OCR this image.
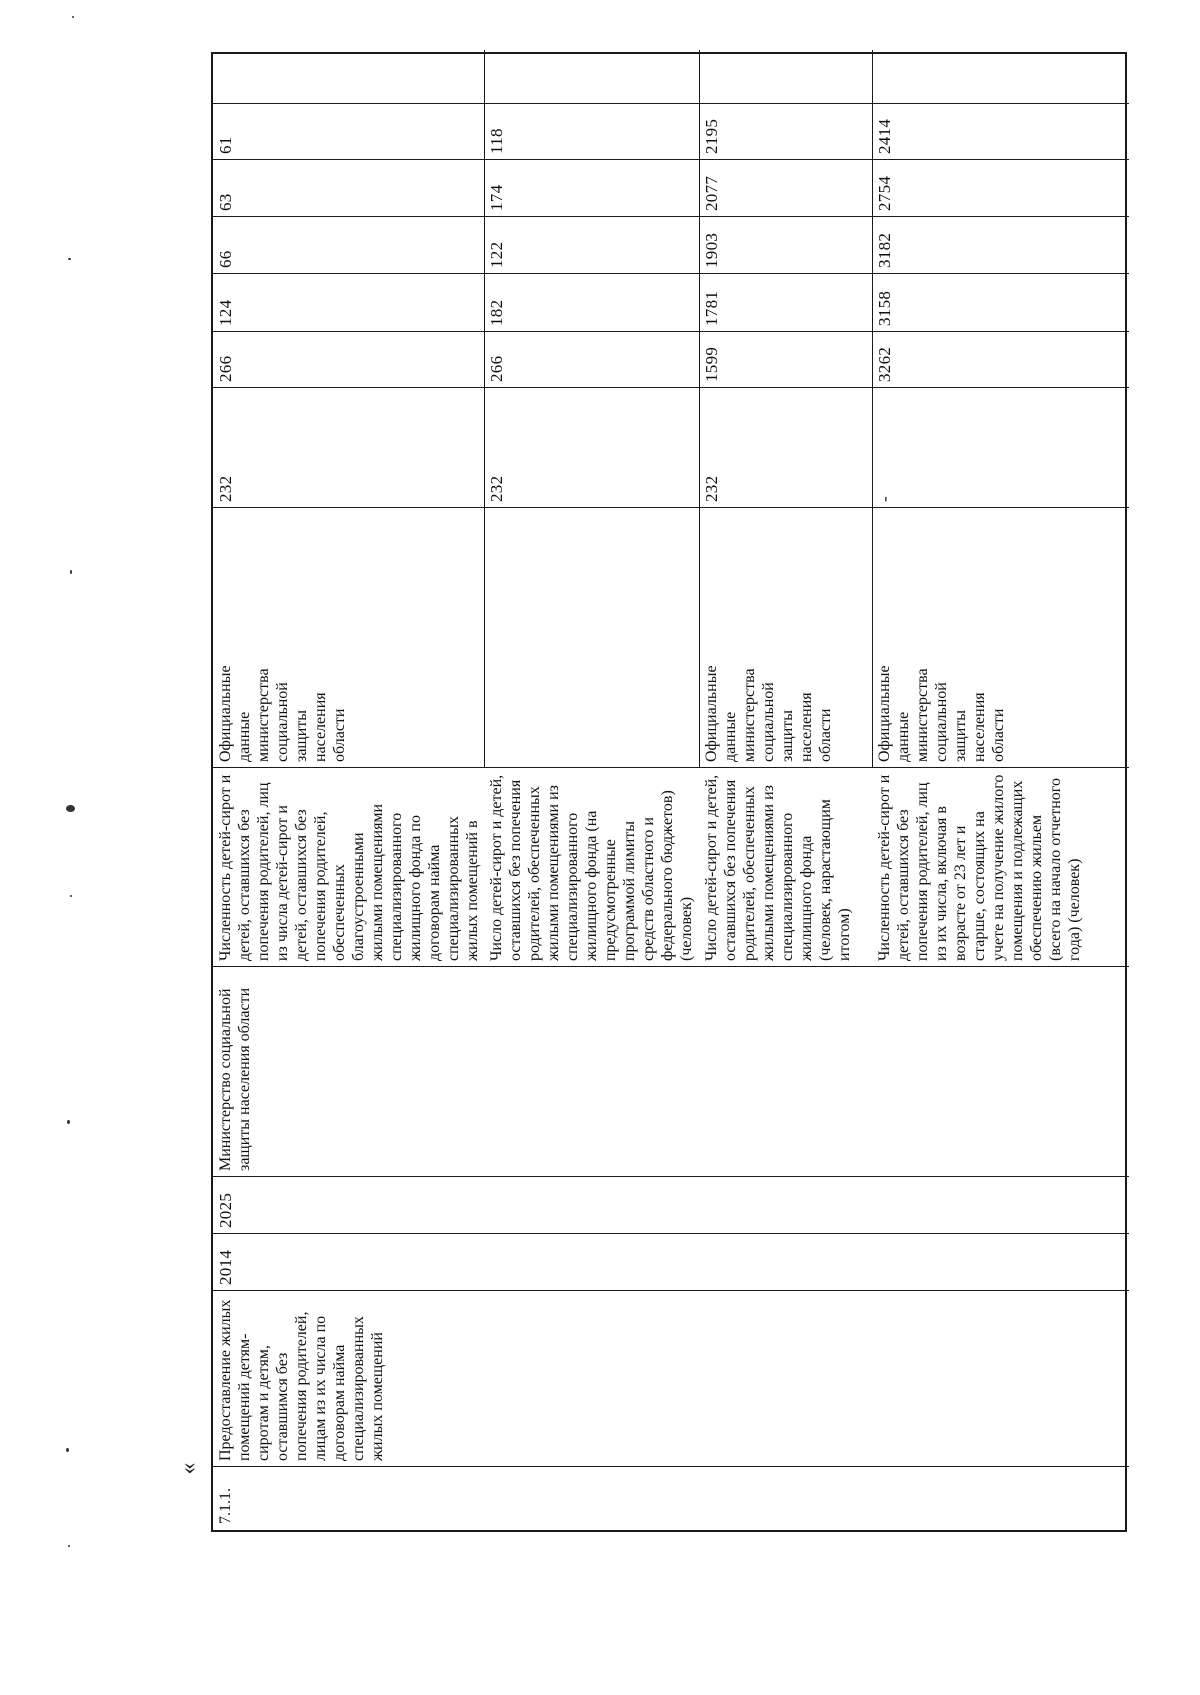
«
7.1.1.
Предоставление жилых помещений детям-сиротам и детям, оставшимся без попечения родителей, лицам из их числа по договорам найма специализированных жилых помещений
2014
2025
Министерство социальной защиты населения области
Численность детей-сирот и детей, оставшихся без попечения родителей, лиц из числа детей-сирот и детей, оставшихся без попечения родителей, обеспеченных благоустроенными жилыми помещениями специализированного жилищного фонда по договорам найма специализированных жилых помещений в
Официальные данные министерства социальной защиты населения области
232
266
124
66
63
61
Число детей-сирот и детей, оставшихся без попечения родителей, обеспеченных жилыми помещениями из специализированного жилищного фонда (на предусмотренные программой лимиты средств областного и федерального бюджетов) (человек)
232
266
182
122
174
118
Число детей-сирот и детей, оставшихся без попечения родителей, обеспеченных жилыми помещениями из специализированного жилищного фонда (человек, нарастающим итогом)
Официальные данные министерства социальной защиты населения области
232
1599
1781
1903
2077
2195
Численность детей-сирот и детей, оставшихся без попечения родителей, лиц из их числа, включая в возрасте от 23 лет и старше, состоящих на учете на получение жилого помещения и подлежащих обеспечению жильем (всего на начало отчетного года) (человек)
Официальные данные министерства социальной защиты населения области
-
3262
3158
3182
2754
2414
